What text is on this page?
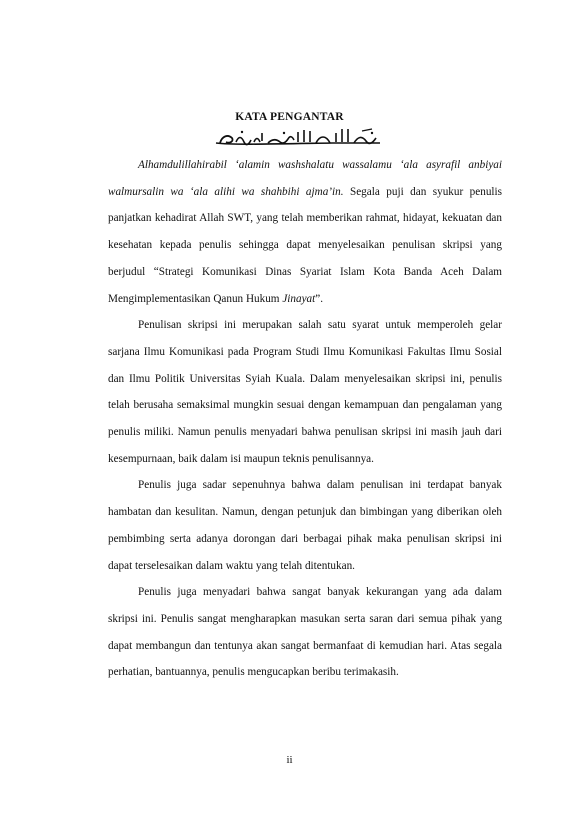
KATA PENGANTAR

Alhamdulillahirabil ‘alamin washshalatu wassalamu ‘ala asyrafil anbiyai walmursalin wa ‘ala alihi wa shahbihi ajma’in. Segala puji dan syukur penulis panjatkan kehadirat Allah SWT, yang telah memberikan rahmat, hidayat, kekuatan dan kesehatan kepada penulis sehingga dapat menyelesaikan penulisan skripsi yang berjudul “Strategi Komunikasi Dinas Syariat Islam Kota Banda Aceh Dalam Mengimplementasikan Qanun Hukum Jinayat”.

Penulisan skripsi ini merupakan salah satu syarat untuk memperoleh gelar sarjana Ilmu Komunikasi pada Program Studi Ilmu Komunikasi Fakultas Ilmu Sosial dan Ilmu Politik Universitas Syiah Kuala. Dalam menyelesaikan skripsi ini, penulis telah berusaha semaksimal mungkin sesuai dengan kemampuan dan pengalaman yang penulis miliki. Namun penulis menyadari bahwa penulisan skripsi ini masih jauh dari kesempurnaan, baik dalam isi maupun teknis penulisannya.

Penulis juga sadar sepenuhnya bahwa dalam penulisan ini terdapat banyak hambatan dan kesulitan. Namun, dengan petunjuk dan bimbingan yang diberikan oleh pembimbing serta adanya dorongan dari berbagai pihak maka penulisan skripsi ini dapat terselesaikan dalam waktu yang telah ditentukan.

Penulis juga menyadari bahwa sangat banyak kekurangan yang ada dalam skripsi ini. Penulis sangat mengharapkan masukan serta saran dari semua pihak yang dapat membangun dan tentunya akan sangat bermanfaat di kemudian hari. Atas segala perhatian, bantuannya, penulis mengucapkan beribu terimakasih.

ii
